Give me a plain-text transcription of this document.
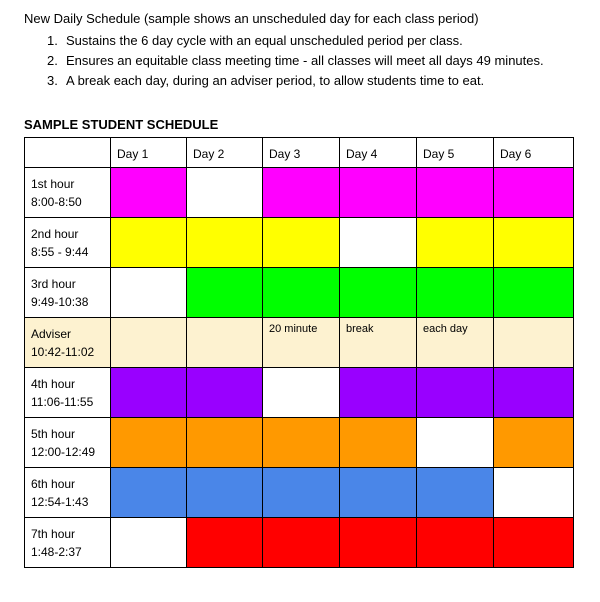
New Daily Schedule (sample shows an unscheduled day for each class period)
1. Sustains the 6 day cycle with an equal unscheduled period per class.
2. Ensures an equitable class meeting time - all classes will meet all days 49 minutes.
3. A break each day, during an adviser period, to allow students time to eat.
SAMPLE STUDENT SCHEDULE
	Day 1	Day 2	Day 3	Day 4	Day 5	Day 6

1st hour
8:00-8:50						

2nd hour
8:55 - 9:44						

3rd hour
9:49-10:38						

Adviser
10:42-11:02			20 minute	break	each day	

4th hour
11:06-11:55						

5th hour
12:00-12:49						

6th hour
12:54-1:43						

7th hour
1:48-2:37						
